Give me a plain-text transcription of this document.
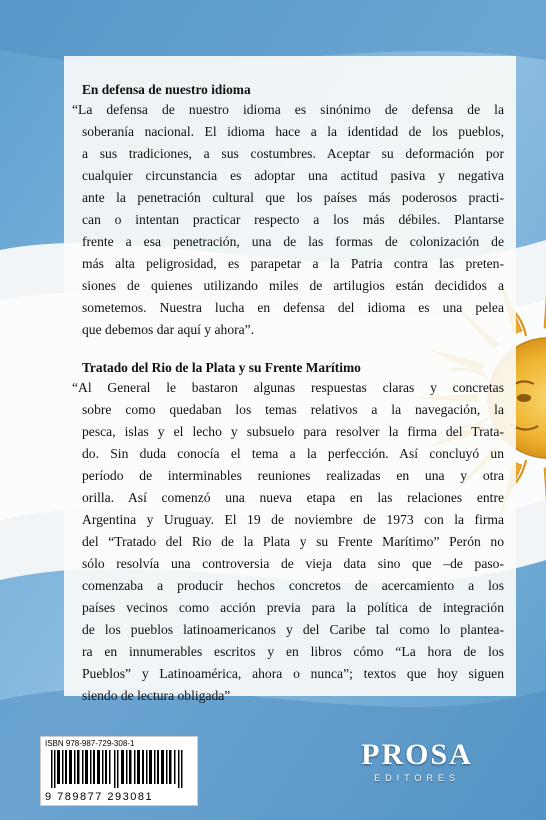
En defensa de nuestro idioma
“La defensa de nuestro idioma es sinónimo de defensa de la
soberanía nacional. El idioma hace a la identidad de los pueblos,
a sus tradiciones, a sus costumbres. Aceptar su deformación por
cualquier circunstancia es adoptar una actitud pasiva y negativa
ante la penetración cultural que los países más poderosos practi-
can o intentan practicar respecto a los más débiles. Plantarse
frente a esa penetración, una de las formas de colonización de
más alta peligrosidad, es parapetar a la Patria contra las preten-
siones de quienes utilizando miles de artilugios están decididos a
sometemos. Nuestra lucha en defensa del idioma es una pelea
que debemos dar aquí y ahora”.
Tratado del Rio de la Plata y su Frente Marítimo
“Al General le bastaron algunas respuestas claras y concretas
sobre como quedaban los temas relativos a la navegación, la
pesca, islas y el lecho y subsuelo para resolver la firma del Trata-
do. Sin duda conocía el tema a la perfección. Así concluyó un
período de interminables reuniones realizadas en una y otra
orilla. Así comenzó una nueva etapa en las relaciones entre
Argentina y Uruguay. El 19 de noviembre de 1973 con la firma
del “Tratado del Rio de la Plata y su Frente Marítimo” Perón no
sólo resolvía una controversia de vieja data sino que –de paso-
comenzaba a producir hechos concretos de acercamiento a los
países vecinos como acción previa para la política de integración
de los pueblos latinoamericanos y del Caribe tal como lo plantea-
ra en innumerables escritos y en libros cómo “La hora de los
Pueblos” y Latinoamérica, ahora o nunca”; textos que hoy siguen
siendo de lectura obligada”
ISBN 978-987-729-308-1
9 789877 293081
PROSA
EDITORES
